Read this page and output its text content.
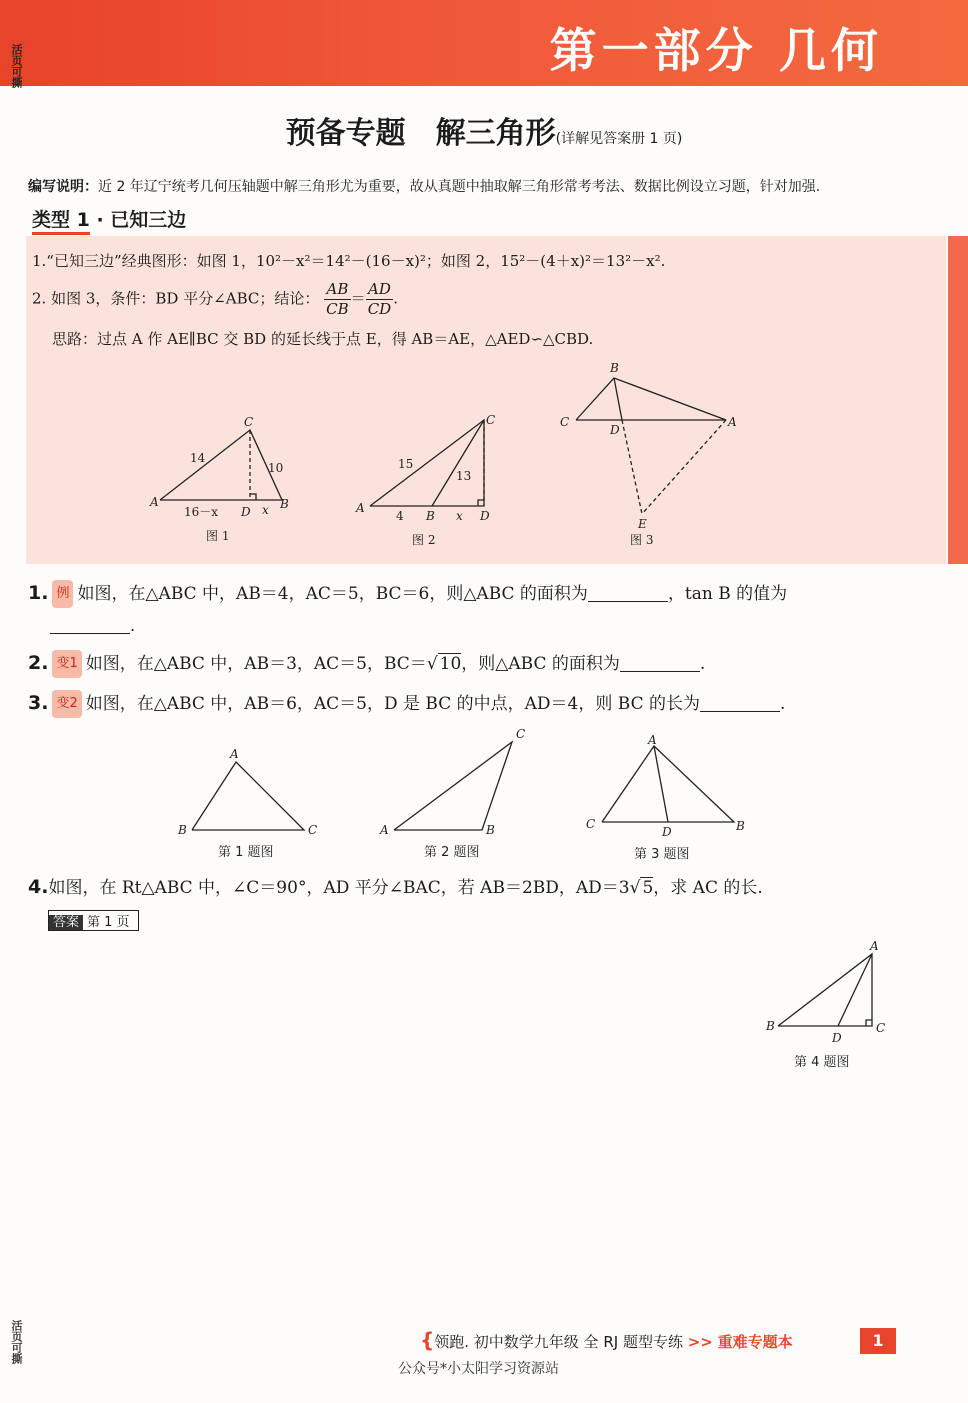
第一部分 几何
活页可撕
预备专题　解三角形(详解见答案册 1 页)
编写说明：近 2 年辽宁统考几何压轴题中解三角形尤为重要，故从真题中抽取解三角形常考考法、数据比例设立习题，针对加强.
类型 1 · 已知三边
1.“已知三边”经典图形：如图 1，10²－x²＝14²－(16－x)²；如图 2，15²－(4＋x)²＝13²－x².
2. 如图 3，条件：BD 平分∠ABC；结论： $\frac{AB}{CB} = \frac{AD}{CD}$ .
思路：过点 A 作 AE∥BC 交 BD 的延长线于点 E，得 AB＝AE，△AED∽△CBD.
C
A	B
D x
14
10
16－x
图 1
C
A
B	D
x
15
13
4
图 2
B
C	A
D
E
图 3
1. 例 如图，在△ABC 中，AB＝4，AC＝5，BC＝6，则△ABC 的面积为	，tan B 的值为
.
2. 变1 如图，在△ABC 中，AB＝3，AC＝5，BC＝√ 10，则△ABC 的面积为	.
3. 变2 如图，在△ABC 中，AB＝6，AC＝5，D 是 BC 的中点，AD＝4，则 BC 的长为	.
A
B	C
第 1 题图
C
A	B
第 2 题图
A
C	B
D
第 3 题图
4.如图，在 Rt△ABC 中，∠C＝90°，AD 平分∠BAC，若 AB＝2BD，AD＝3√ 5，求 AC 的长.
答案 第 1 页
A
B	C
D
第 4 题图
活页可撕	{领跑. 初中数学九年级 全 RJ 题型专练 >> 重难专题本	1
公众号*小太阳学习资源站
